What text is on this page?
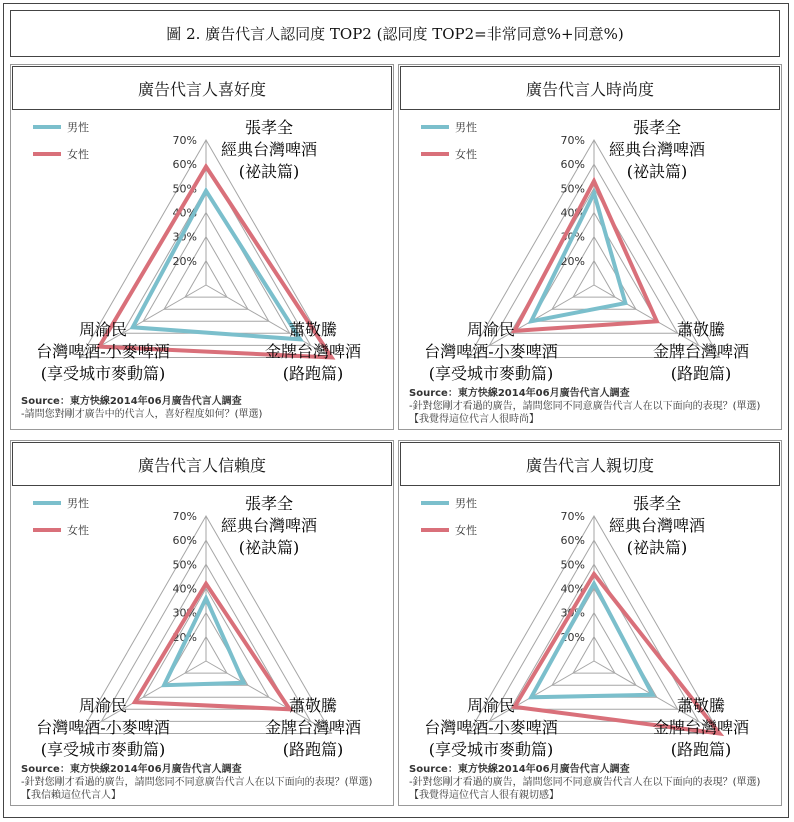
圖 2. 廣告代言人認同度 TOP2 (認同度 TOP2=非常同意%+同意%)
廣告代言人喜好度
20%
30%
40%
50%
60%
70%
張孝全經典台灣啤酒(祕訣篇)
蕭敬騰金牌台灣啤酒(路跑篇)
周渝民台灣啤酒-小麥啤酒(享受城市麥動篇)
男性
女性
Source：東方快線2014年06月廣告代言人調查
-請問您對剛才廣告中的代言人，喜好程度如何？(單選)
廣告代言人時尚度
20%
30%
40%
50%
60%
70%
張孝全經典台灣啤酒(祕訣篇)
蕭敬騰金牌台灣啤酒(路跑篇)
周渝民台灣啤酒-小麥啤酒(享受城市麥動篇)
男性
女性
Source：東方快線2014年06月廣告代言人調查
-針對您剛才看過的廣告，請問您同不同意廣告代言人在以下面向的表現？(單選)【我覺得這位代言人很時尚】
廣告代言人信賴度
20%
30%
40%
50%
60%
70%
張孝全經典台灣啤酒(祕訣篇)
蕭敬騰金牌台灣啤酒(路跑篇)
周渝民台灣啤酒-小麥啤酒(享受城市麥動篇)
男性
女性
Source：東方快線2014年06月廣告代言人調查
-針對您剛才看過的廣告，請問您同不同意廣告代言人在以下面向的表現？(單選)【我信賴這位代言人】
廣告代言人親切度
20%
30%
40%
50%
60%
70%
張孝全經典台灣啤酒(祕訣篇)
蕭敬騰金牌台灣啤酒(路跑篇)
周渝民台灣啤酒-小麥啤酒(享受城市麥動篇)
男性
女性
Source：東方快線2014年06月廣告代言人調查
-針對您剛才看過的廣告，請問您同不同意廣告代言人在以下面向的表現？(單選)【我覺得這位代言人很有親切感】
